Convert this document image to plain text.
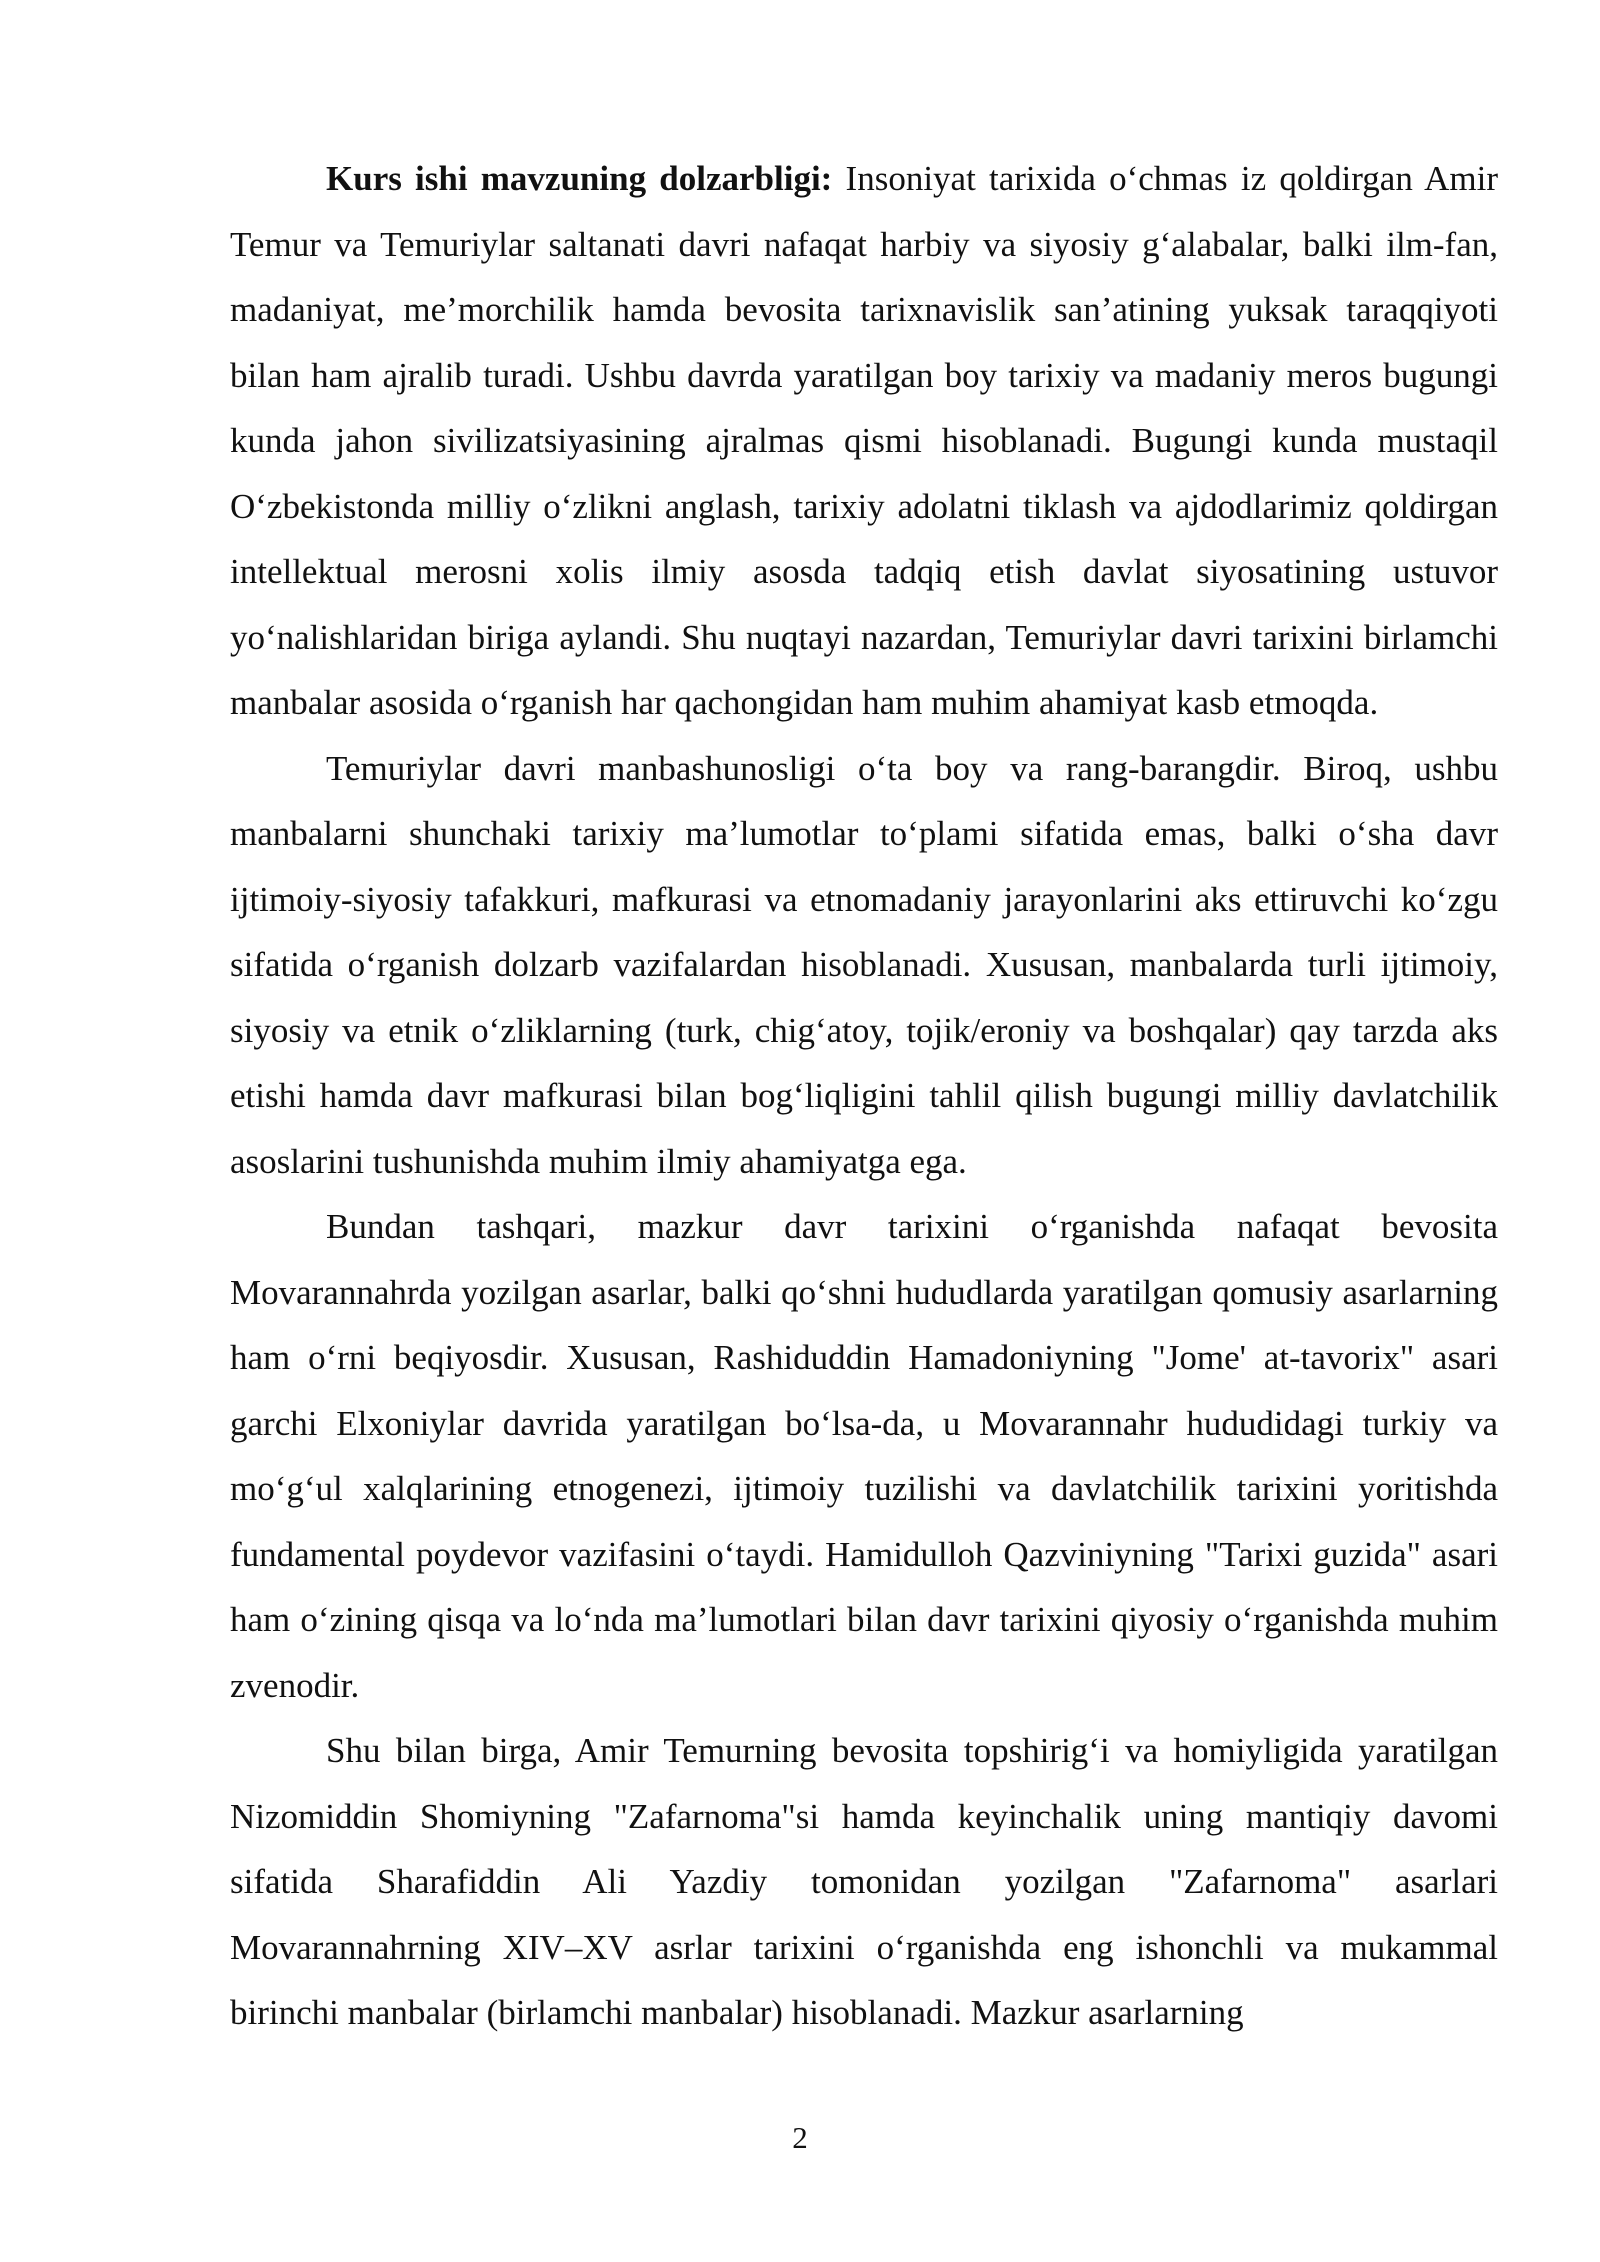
Kurs ishi mavzuning dolzarbligi: Insoniyat tarixida o‘chmas iz qoldirgan Amir Temur va Temuriylar saltanati davri nafaqat harbiy va siyosiy g‘alabalar, balki ilm-fan, madaniyat, me’morchilik hamda bevosita tarixnavislik san’atining yuksak taraqqiyoti bilan ham ajralib turadi. Ushbu davrda yaratilgan boy tarixiy va madaniy meros bugungi kunda jahon sivilizatsiyasining ajralmas qismi hisoblanadi. Bugungi kunda mustaqil O‘zbekistonda milliy o‘zlikni anglash, tarixiy adolatni tiklash va ajdodlarimiz qoldirgan intellektual merosni xolis ilmiy asosda tadqiq etish davlat siyosatining ustuvor yo‘nalishlaridan biriga aylandi. Shu nuqtayi nazardan, Temuriylar davri tarixini birlamchi manbalar asosida o‘rganish har qachongidan ham muhim ahamiyat kasb etmoqda.

Temuriylar davri manbashunosligi o‘ta boy va rang-barangdir. Biroq, ushbu manbalarni shunchaki tarixiy ma’lumotlar to‘plami sifatida emas, balki o‘sha davr ijtimoiy-siyosiy tafakkuri, mafkurasi va etnomadaniy jarayonlarini aks ettiruvchi ko‘zgu sifatida o‘rganish dolzarb vazifalardan hisoblanadi. Xususan, manbalarda turli ijtimoiy, siyosiy va etnik o‘zliklarning (turk, chig‘atoy, tojik/eroniy va boshqalar) qay tarzda aks etishi hamda davr mafkurasi bilan bog‘liqligini tahlil qilish bugungi milliy davlatchilik asoslarini tushunishda muhim ilmiy ahamiyatga ega.

Bundan tashqari, mazkur davr tarixini o‘rganishda nafaqat bevosita Movarannahrda yozilgan asarlar, balki qo‘shni hududlarda yaratilgan qomusiy asarlarning ham o‘rni beqiyosdir. Xususan, Rashiduddin Hamadoniyning "Jome' at-tavorix" asari garchi Elxoniylar davrida yaratilgan bo‘lsa-da, u Movarannahr hududidagi turkiy va mo‘g‘ul xalqlarining etnogenezi, ijtimoiy tuzilishi va davlatchilik tarixini yoritishda fundamental poydevor vazifasini o‘taydi. Hamidulloh Qazviniyning "Tarixi guzida" asari ham o‘zining qisqa va lo‘nda ma’lumotlari bilan davr tarixini qiyosiy o‘rganishda muhim zvenodir.

Shu bilan birga, Amir Temurning bevosita topshirig‘i va homiyligida yaratilgan Nizomiddin Shomiyning "Zafarnoma"si hamda keyinchalik uning mantiqiy davomi sifatida Sharafiddin Ali Yazdiy tomonidan yozilgan "Zafarnoma" asarlari Movarannahrning XIV–XV asrlar tarixini o‘rganishda eng ishonchli va mukammal birinchi manbalar (birlamchi manbalar) hisoblanadi. Mazkur asarlarning

2
